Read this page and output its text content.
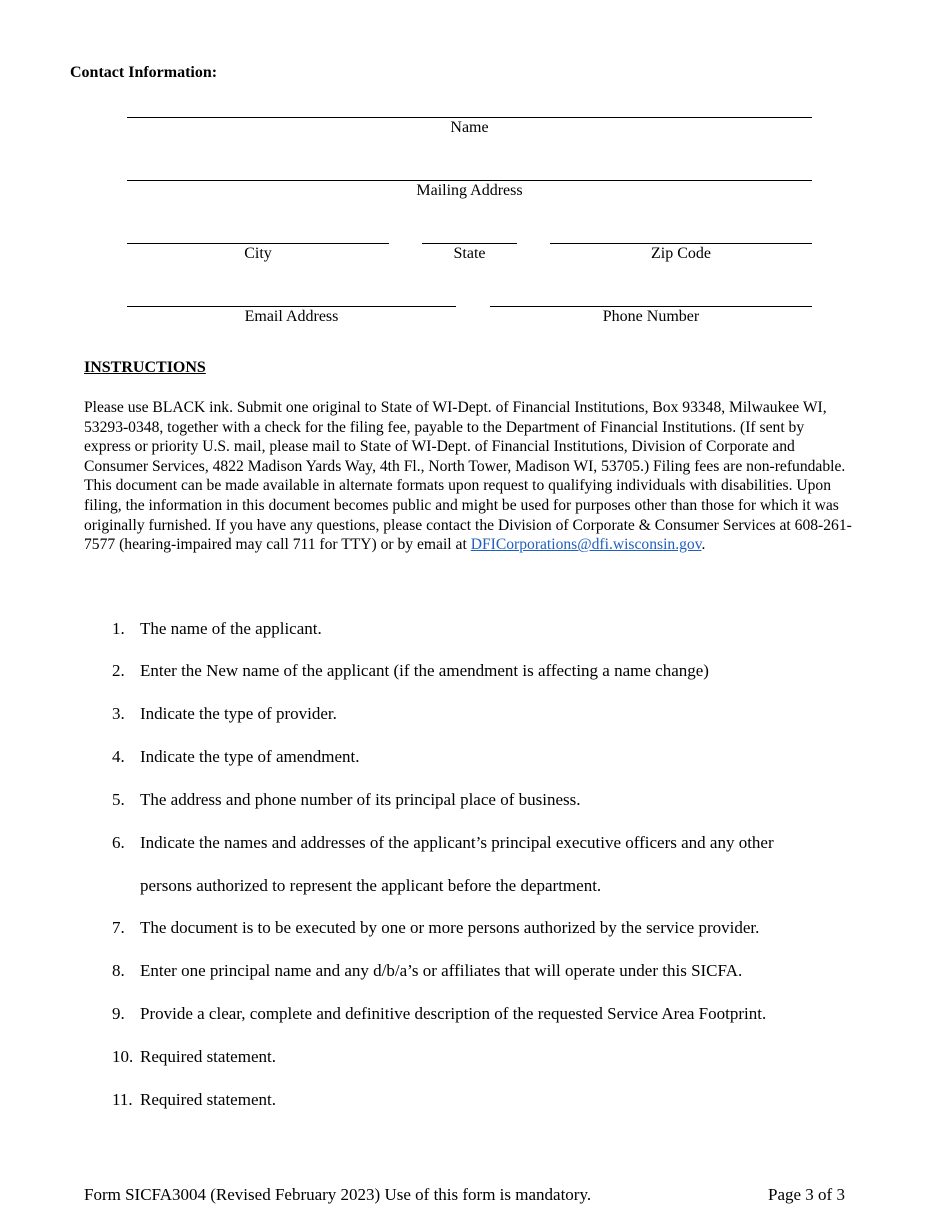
Contact Information:
Name
Mailing Address
City	State	Zip Code
Email Address	Phone Number
INSTRUCTIONS
Please use BLACK ink. Submit one original to State of WI-Dept. of Financial Institutions, Box 93348, Milwaukee WI, 53293-0348, together with a check for the filing fee, payable to the Department of Financial Institutions. (If sent by express or priority U.S. mail, please mail to State of WI-Dept. of Financial Institutions, Division of Corporate and Consumer Services, 4822 Madison Yards Way, 4th Fl., North Tower, Madison WI, 53705.) Filing fees are non-refundable. This document can be made available in alternate formats upon request to qualifying individuals with disabilities. Upon filing, the information in this document becomes public and might be used for purposes other than those for which it was originally furnished. If you have any questions, please contact the Division of Corporate & Consumer Services at 608-261-7577 (hearing-impaired may call 711 for TTY) or by email at DFICorporations@dfi.wisconsin.gov.
1. The name of the applicant.
2. Enter the New name of the applicant (if the amendment is affecting a name change)
3. Indicate the type of provider.
4. Indicate the type of amendment.
5. The address and phone number of its principal place of business.
6. Indicate the names and addresses of the applicant’s principal executive officers and any other
persons authorized to represent the applicant before the department.
7. The document is to be executed by one or more persons authorized by the service provider.
8. Enter one principal name and any d/b/a’s or affiliates that will operate under this SICFA.
9. Provide a clear, complete and definitive description of the requested Service Area Footprint.
10. Required statement.
11. Required statement.
Form SICFA3004 (Revised February 2023) Use of this form is mandatory.	Page 3 of 3
